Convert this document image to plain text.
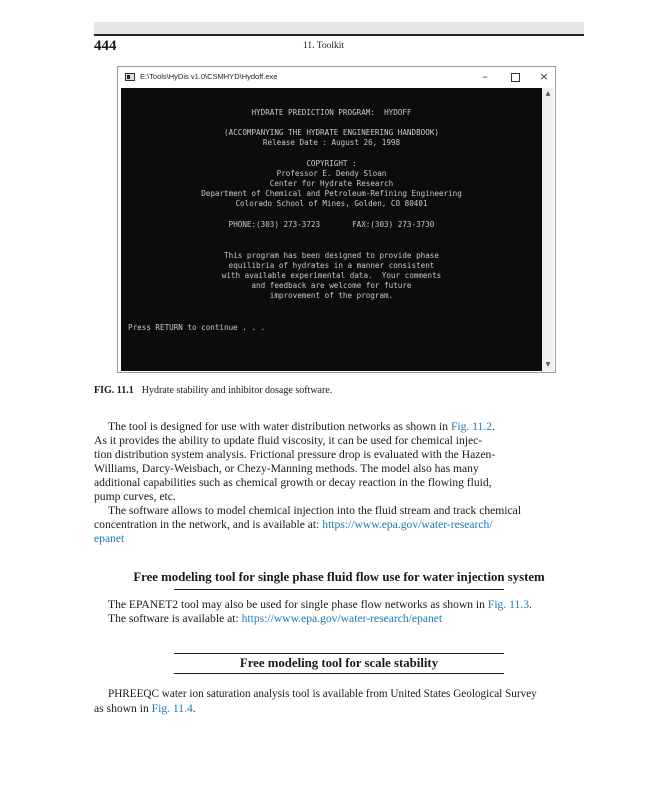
444	11. Toolkit
E:\Tools\HyDis v1.0\CSMHYD\Hydoff.exe	–	×
HYDRATE PREDICTION PROGRAM:  HYDOFF
(ACCOMPANYING THE HYDRATE ENGINEERING HANDBOOK)
Release Date : August 26, 1998
COPYRIGHT :
Professor E. Dendy Sloan
Center for Hydrate Research
Department of Chemical and Petroleum-Refining Engineering
Colorado School of Mines, Golden, CO 80401
PHONE:(303) 273-3723       FAX:(303) 273-3730
This program has been designed to provide phase
equilibria of hydrates in a manner consistent
with available experimental data.  Your comments
and feedback are welcome for future
improvement of the program.
Press RETURN to continue . . .
▲
▼
FIG. 11.1 Hydrate stability and inhibitor dosage software.
The tool is designed for use with water distribution networks as shown in Fig. 11.2.
As it provides the ability to update fluid viscosity, it can be used for chemical injec-
tion distribution system analysis. Frictional pressure drop is evaluated with the Hazen-
Williams, Darcy-Weisbach, or Chezy-Manning methods. The model also has many
additional capabilities such as chemical growth or decay reaction in the flowing fluid,
pump curves, etc.
The software allows to model chemical injection into the fluid stream and track chemical
concentration in the network, and is available at: https://www.epa.gov/water-research/
epanet
Free modeling tool for single phase fluid flow use for water injection system
The EPANET2 tool may also be used for single phase flow networks as shown in Fig. 11.3.
The software is available at: https://www.epa.gov/water-research/epanet
Free modeling tool for scale stability
PHREEQC water ion saturation analysis tool is available from United States Geological Survey
as shown in Fig. 11.4.
